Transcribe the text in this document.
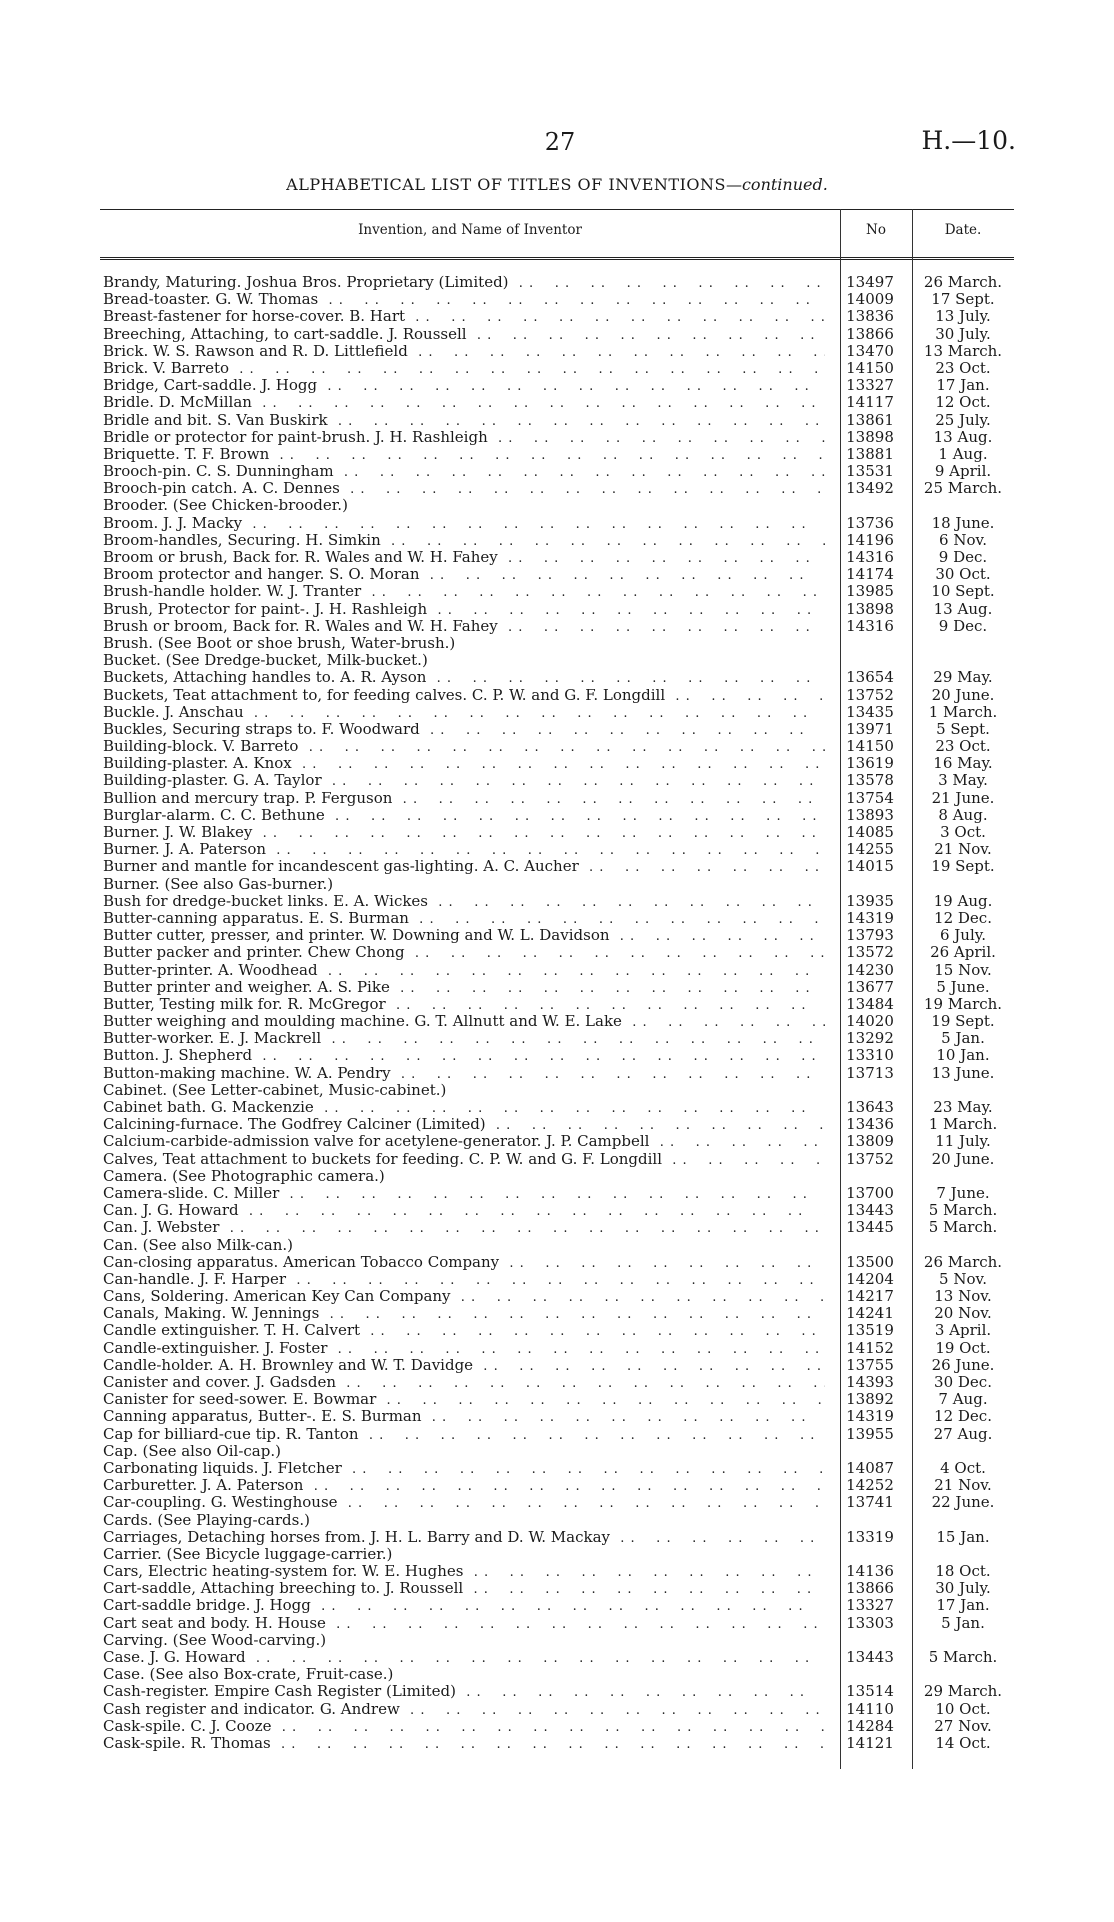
27	H.—10.
ALPHABETICAL LIST OF TITLES OF INVENTIONS—continued.
Invention, and Name of Inventor	No	Date.
Brandy, Maturing. Joshua Bros. Proprietary (Limited) . .	13497	26 March.
Bread-toaster. G. W. Thomas . .	14009	17 Sept.
Breast-fastener for horse-cover. B. Hart . .	13836	13 July.
Breeching, Attaching, to cart-saddle. J. Roussell . .	13866	30 July.
Brick. W. S. Rawson and R. D. Littlefield . .	13470	13 March.
Brick. V. Barreto . .	14150	23 Oct.
Bridge, Cart-saddle. J. Hogg . .	13327	17 Jan.
Bridle. D. McMillan . .	14117	12 Oct.
Bridle and bit. S. Van Buskirk . .	13861	25 July.
Bridle or protector for paint-brush. J. H. Rashleigh . .	13898	13 Aug.
Briquette. T. F. Brown . .	13881	1 Aug.
Brooch-pin. C. S. Dunningham . .	13531	9 April.
Brooch-pin catch. A. C. Dennes . .	13492	25 March.
Brooder. (See Chicken-brooder.)
Broom. J. J. Macky . .	13736	18 June.
Broom-handles, Securing. H. Simkin . .	14196	6 Nov.
Broom or brush, Back for. R. Wales and W. H. Fahey . .	14316	9 Dec.
Broom protector and hanger. S. O. Moran . .	14174	30 Oct.
Brush-handle holder. W. J. Tranter . .	13985	10 Sept.
Brush, Protector for paint-. J. H. Rashleigh . .	13898	13 Aug.
Brush or broom, Back for. R. Wales and W. H. Fahey . .	14316	9 Dec.
Brush. (See Boot or shoe brush, Water-brush.)
Bucket. (See Dredge-bucket, Milk-bucket.)
Buckets, Attaching handles to. A. R. Ayson . .	13654	29 May.
Buckets, Teat attachment to, for feeding calves. C. P. W. and G. F. Longdill . .	13752	20 June.
Buckle. J. Anschau . .	13435	1 March.
Buckles, Securing straps to. F. Woodward . .	13971	5 Sept.
Building-block. V. Barreto . .	14150	23 Oct.
Building-plaster. A. Knox . .	13619	16 May.
Building-plaster. G. A. Taylor . .	13578	3 May.
Bullion and mercury trap. P. Ferguson . .	13754	21 June.
Burglar-alarm. C. C. Bethune . .	13893	8 Aug.
Burner. J. W. Blakey . .	14085	3 Oct.
Burner. J. A. Paterson . .	14255	21 Nov.
Burner and mantle for incandescent gas-lighting. A. C. Aucher . .	14015	19 Sept.
Burner. (See also Gas-burner.)
Bush for dredge-bucket links. E. A. Wickes . .	13935	19 Aug.
Butter-canning apparatus. E. S. Burman . .	14319	12 Dec.
Butter cutter, presser, and printer. W. Downing and W. L. Davidson . .	13793	6 July.
Butter packer and printer. Chew Chong . .	13572	26 April.
Butter-printer. A. Woodhead . .	14230	15 Nov.
Butter printer and weigher. A. S. Pike . .	13677	5 June.
Butter, Testing milk for. R. McGregor . .	13484	19 March.
Butter weighing and moulding machine. G. T. Allnutt and W. E. Lake . .	14020	19 Sept.
Butter-worker. E. J. Mackrell . .	13292	5 Jan.
Button. J. Shepherd . .	13310	10 Jan.
Button-making machine. W. A. Pendry . .	13713	13 June.
Cabinet. (See Letter-cabinet, Music-cabinet.)
Cabinet bath. G. Mackenzie . .	13643	23 May.
Calcining-furnace. The Godfrey Calciner (Limited) . .	13436	1 March.
Calcium-carbide-admission valve for acetylene-generator. J. P. Campbell . .	13809	11 July.
Calves, Teat attachment to buckets for feeding. C. P. W. and G. F. Longdill . .	13752	20 June.
Camera. (See Photographic camera.)
Camera-slide. C. Miller . .	13700	7 June.
Can. J. G. Howard . .	13443	5 March.
Can. J. Webster . .	13445	5 March.
Can. (See also Milk-can.)
Can-closing apparatus. American Tobacco Company . .	13500	26 March.
Can-handle. J. F. Harper . .	14204	5 Nov.
Cans, Soldering. American Key Can Company . .	14217	13 Nov.
Canals, Making. W. Jennings . .	14241	20 Nov.
Candle extinguisher. T. H. Calvert . .	13519	3 April.
Candle-extinguisher. J. Foster . .	14152	19 Oct.
Candle-holder. A. H. Brownley and W. T. Davidge . .	13755	26 June.
Canister and cover. J. Gadsden . .	14393	30 Dec.
Canister for seed-sower. E. Bowmar . .	13892	7 Aug.
Canning apparatus, Butter-. E. S. Burman . .	14319	12 Dec.
Cap for billiard-cue tip. R. Tanton . .	13955	27 Aug.
Cap. (See also Oil-cap.)
Carbonating liquids. J. Fletcher . .	14087	4 Oct.
Carburetter. J. A. Paterson . .	14252	21 Nov.
Car-coupling. G. Westinghouse . .	13741	22 June.
Cards. (See Playing-cards.)
Carriages, Detaching horses from. J. H. L. Barry and D. W. Mackay . .	13319	15 Jan.
Carrier. (See Bicycle luggage-carrier.)
Cars, Electric heating-system for. W. E. Hughes . .	14136	18 Oct.
Cart-saddle, Attaching breeching to. J. Roussell . .	13866	30 July.
Cart-saddle bridge. J. Hogg . .	13327	17 Jan.
Cart seat and body. H. House . .	13303	5 Jan.
Carving. (See Wood-carving.)
Case. J. G. Howard . .	13443	5 March.
Case. (See also Box-crate, Fruit-case.)
Cash-register. Empire Cash Register (Limited) . .	13514	29 March.
Cash register and indicator. G. Andrew . .	14110	10 Oct.
Cask-spile. C. J. Cooze . .	14284	27 Nov.
Cask-spile. R. Thomas . .	14121	14 Oct.
